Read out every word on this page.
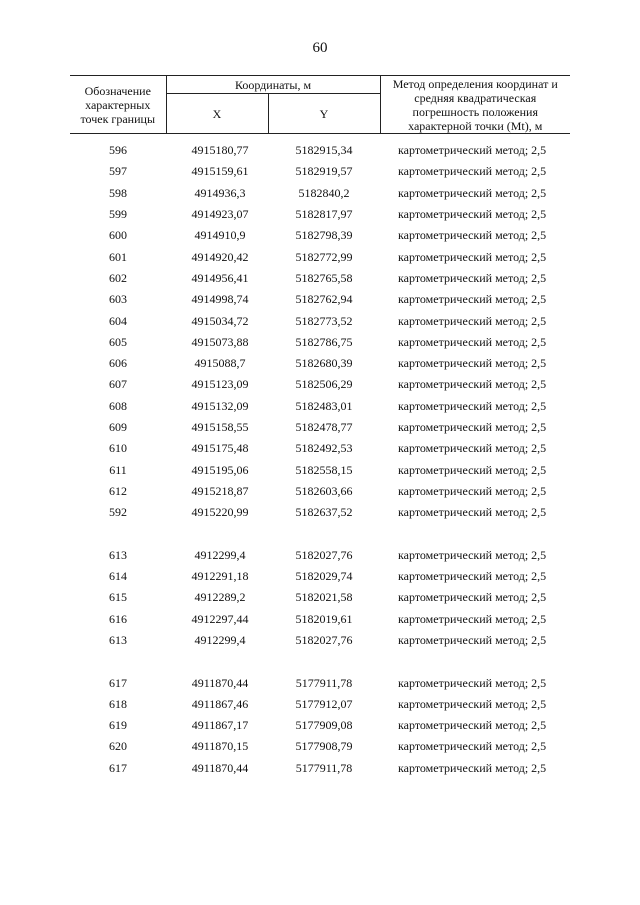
60
Обозначение характерных точек границы	Координаты, м		Метод определения координат и средняя квадратическая погрешность положения характерной точки (Mt), м
	X	Y	

596	4915180,77	5182915,34	картометрический метод; 2,5
597	4915159,61	5182919,57	картометрический метод; 2,5
598	4914936,3	5182840,2	картометрический метод; 2,5
599	4914923,07	5182817,97	картометрический метод; 2,5
600	4914910,9	5182798,39	картометрический метод; 2,5
601	4914920,42	5182772,99	картометрический метод; 2,5
602	4914956,41	5182765,58	картометрический метод; 2,5
603	4914998,74	5182762,94	картометрический метод; 2,5
604	4915034,72	5182773,52	картометрический метод; 2,5
605	4915073,88	5182786,75	картометрический метод; 2,5
606	4915088,7	5182680,39	картометрический метод; 2,5
607	4915123,09	5182506,29	картометрический метод; 2,5
608	4915132,09	5182483,01	картометрический метод; 2,5
609	4915158,55	5182478,77	картометрический метод; 2,5
610	4915175,48	5182492,53	картометрический метод; 2,5
611	4915195,06	5182558,15	картометрический метод; 2,5
612	4915218,87	5182603,66	картометрический метод; 2,5
592	4915220,99	5182637,52	картометрический метод; 2,5

613	4912299,4	5182027,76	картометрический метод; 2,5
614	4912291,18	5182029,74	картометрический метод; 2,5
615	4912289,2	5182021,58	картометрический метод; 2,5
616	4912297,44	5182019,61	картометрический метод; 2,5
613	4912299,4	5182027,76	картометрический метод; 2,5

617	4911870,44	5177911,78	картометрический метод; 2,5
618	4911867,46	5177912,07	картометрический метод; 2,5
619	4911867,17	5177909,08	картометрический метод; 2,5
620	4911870,15	5177908,79	картометрический метод; 2,5
617	4911870,44	5177911,78	картометрический метод; 2,5
